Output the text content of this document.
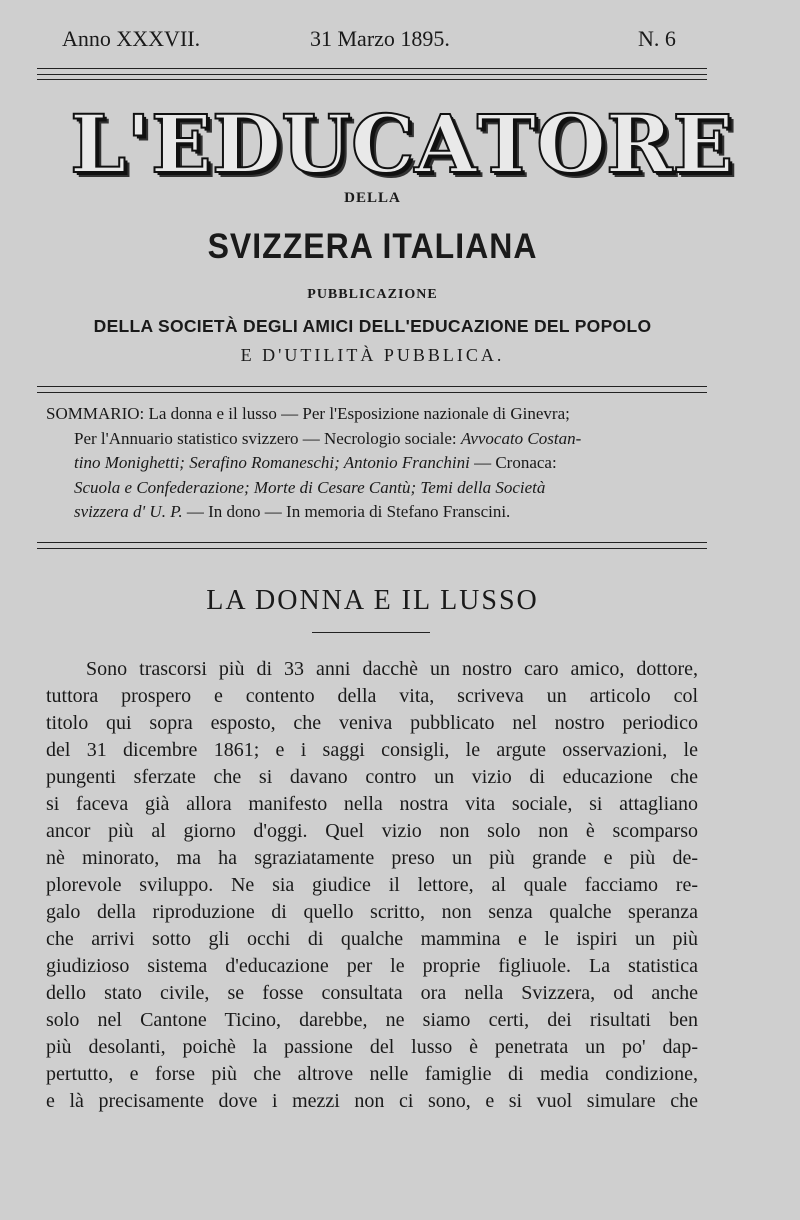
Anno XXXVII.	31 Marzo 1895.	N. 6
L ' E D U C A T O R E
DELLA
SVIZZERA ITALIANA
PUBBLICAZIONE
DELLA SOCIETÀ DEGLI AMICI DELL'EDUCAZIONE DEL POPOLO
E D'UTILITÀ PUBBLICA.
SOMMARIO: La donna e il lusso — Per l'Esposizione nazionale di Ginevra;
Per l'Annuario statistico svizzero — Necrologio sociale: Avvocato Costan-
tino Monighetti; Serafino Romaneschi; Antonio Franchini — Cronaca:
Scuola e Confederazione; Morte di Cesare Cantù; Temi della Società
svizzera d' U. P. — In dono — In memoria di Stefano Franscini.
LA DONNA E IL LUSSO
Sono trascorsi più di 33 anni dacchè un nostro caro amico, dottore,
tuttora prospero e contento della vita, scriveva un articolo col
titolo qui sopra esposto, che veniva pubblicato nel nostro periodico
del 31 dicembre 1861; e i saggi consigli, le argute osservazioni, le
pungenti sferzate che si davano contro un vizio di educazione che
si faceva già allora manifesto nella nostra vita sociale, si attagliano
ancor più al giorno d'oggi. Quel vizio non solo non è scomparso
nè minorato, ma ha sgraziatamente preso un più grande e più de-
plorevole sviluppo. Ne sia giudice il lettore, al quale facciamo re-
galo della riproduzione di quello scritto, non senza qualche speranza
che arrivi sotto gli occhi di qualche mammina e le ispiri un più
giudizioso sistema d'educazione per le proprie figliuole. La statistica
dello stato civile, se fosse consultata ora nella Svizzera, od anche
solo nel Cantone Ticino, darebbe, ne siamo certi, dei risultati ben
più desolanti, poichè la passione del lusso è penetrata un po' dap-
pertutto, e forse più che altrove nelle famiglie di media condizione,
e là precisamente dove i mezzi non ci sono, e si vuol simulare che
